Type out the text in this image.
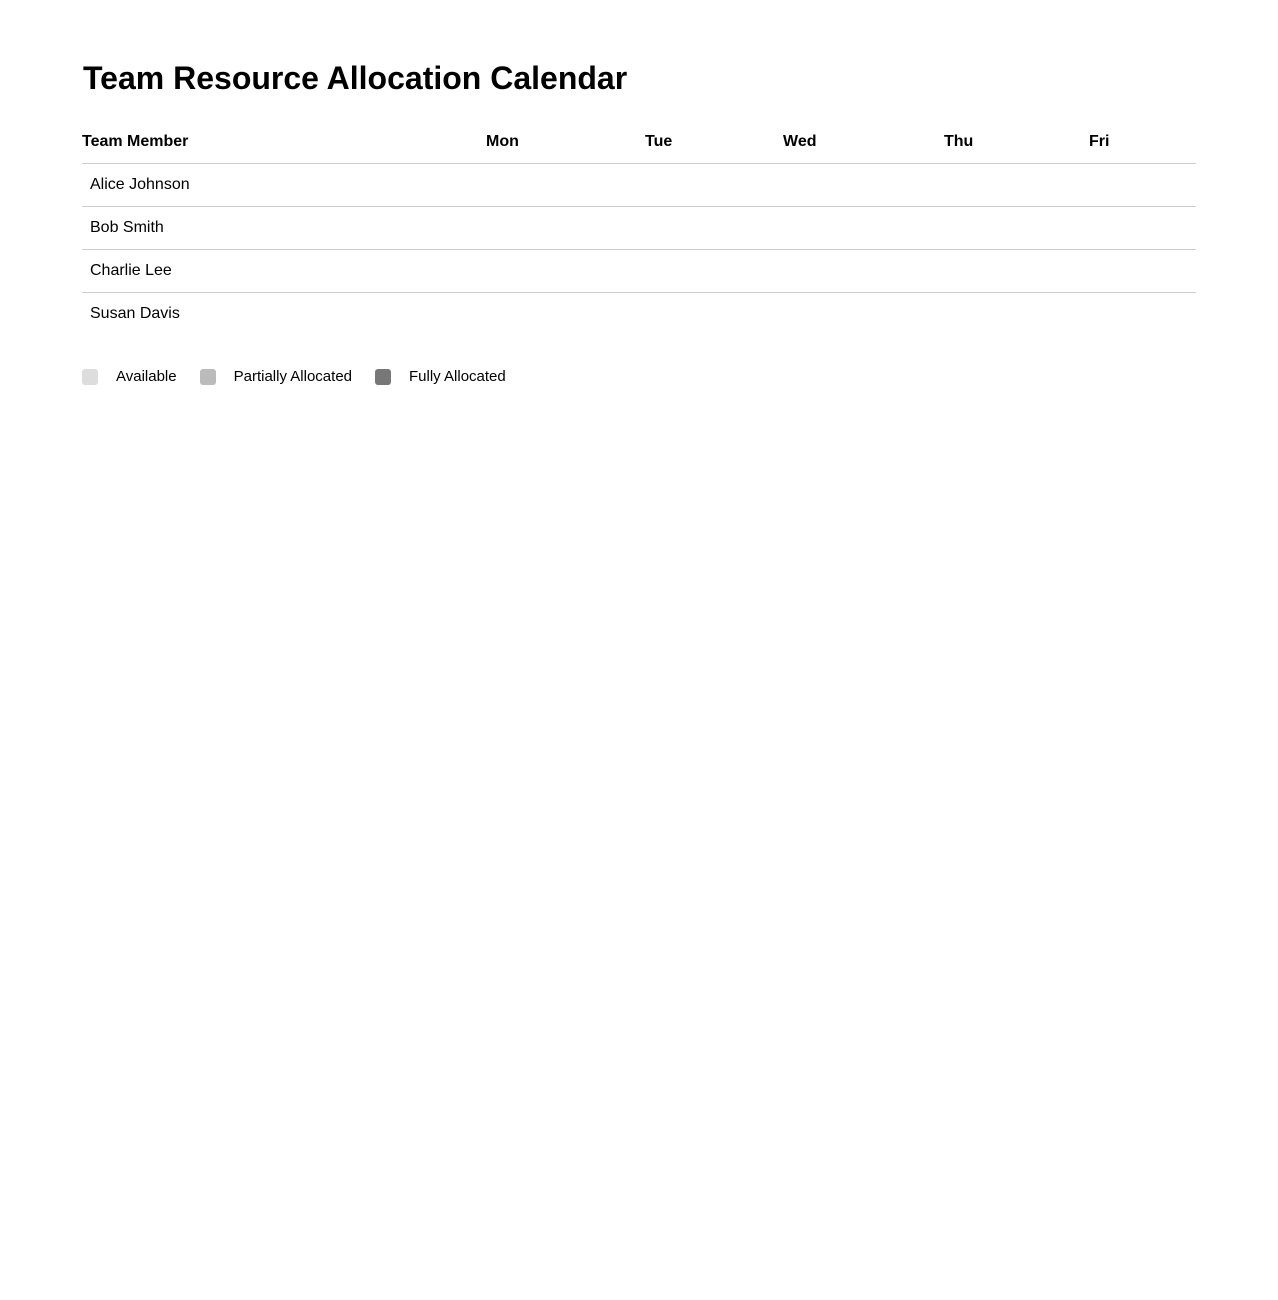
Team Resource Allocation Calendar
Team Member	Mon	Tue	Wed	Thu	Fri
Alice Johnson					
Bob Smith					
Charlie Lee					
Susan Davis					
Available	Partially Allocated	Fully Allocated
